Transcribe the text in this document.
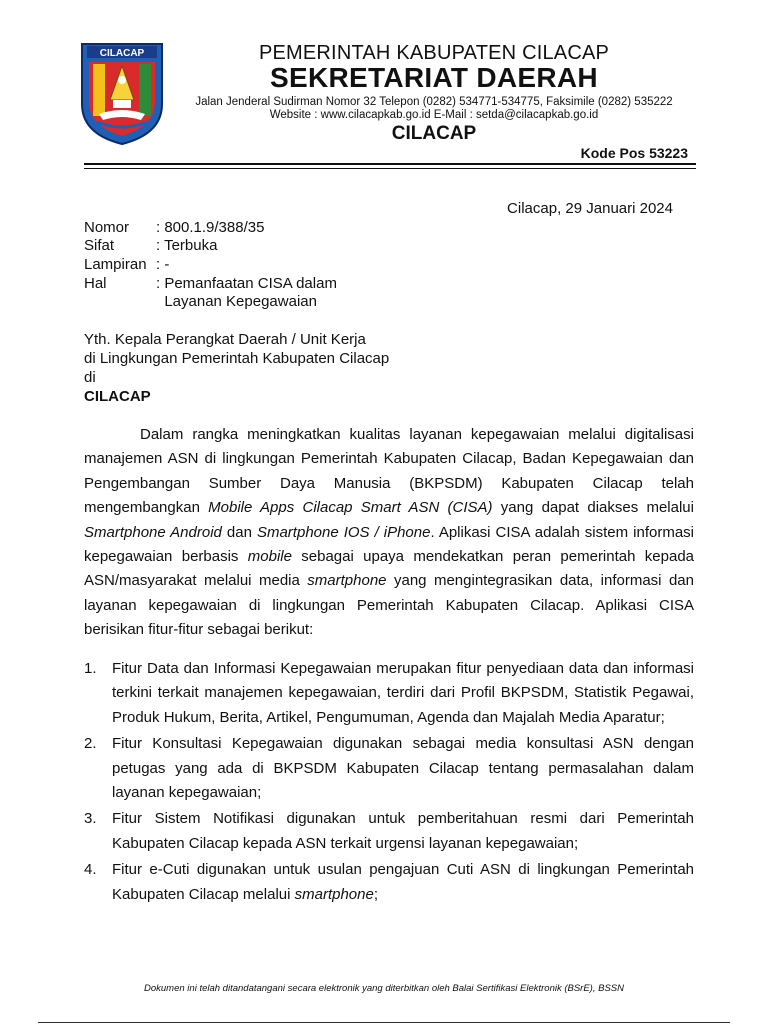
CILACAP	PEMERINTAH KABUPATEN CILACAP
SEKRETARIAT DAERAH
Jalan Jenderal Sudirman Nomor 32 Telepon (0282) 534771-534775, Faksimile (0282) 535222
Website : www.cilacapkab.go.id E-Mail : setda@cilacapkab.go.id
CILACAP
Kode Pos 53223
Cilacap, 29 Januari 2024
Nomor	: 800.1.9/388/35
Sifat	: Terbuka
Lampiran : -
Hal	: Pemanfaatan CISA dalam
Layanan Kepegawaian
Yth. Kepala Perangkat Daerah / Unit Kerja
di Lingkungan Pemerintah Kabupaten Cilacap
di
CILACAP
Dalam rangka meningkatkan kualitas layanan kepegawaian melalui digitalisasi manajemen ASN di lingkungan Pemerintah Kabupaten Cilacap, Badan Kepegawaian dan Pengembangan Sumber Daya Manusia (BKPSDM) Kabupaten Cilacap telah mengembangkan Mobile Apps Cilacap Smart ASN (CISA) yang dapat diakses melalui Smartphone Android dan Smartphone IOS / iPhone. Aplikasi CISA adalah sistem informasi kepegawaian berbasis mobile sebagai upaya mendekatkan peran pemerintah kepada ASN/masyarakat melalui media smartphone yang mengintegrasikan data, informasi dan layanan kepegawaian di lingkungan Pemerintah Kabupaten Cilacap. Aplikasi CISA berisikan fitur-fitur sebagai berikut:
1. Fitur Data dan Informasi Kepegawaian merupakan fitur penyediaan data dan informasi terkini terkait manajemen kepegawaian, terdiri dari Profil BKPSDM, Statistik Pegawai, Produk Hukum, Berita, Artikel, Pengumuman, Agenda dan Majalah Media Aparatur;
2. Fitur Konsultasi Kepegawaian digunakan sebagai media konsultasi ASN dengan petugas yang ada di BKPSDM Kabupaten Cilacap tentang permasalahan dalam layanan kepegawaian;
3. Fitur Sistem Notifikasi digunakan untuk pemberitahuan resmi dari Pemerintah Kabupaten Cilacap kepada ASN terkait urgensi layanan kepegawaian;
4. Fitur e-Cuti digunakan untuk usulan pengajuan Cuti ASN di lingkungan Pemerintah Kabupaten Cilacap melalui smartphone;
Dokumen ini telah ditandatangani secara elektronik yang diterbitkan oleh Balai Sertifikasi Elektronik (BSrE), BSSN
